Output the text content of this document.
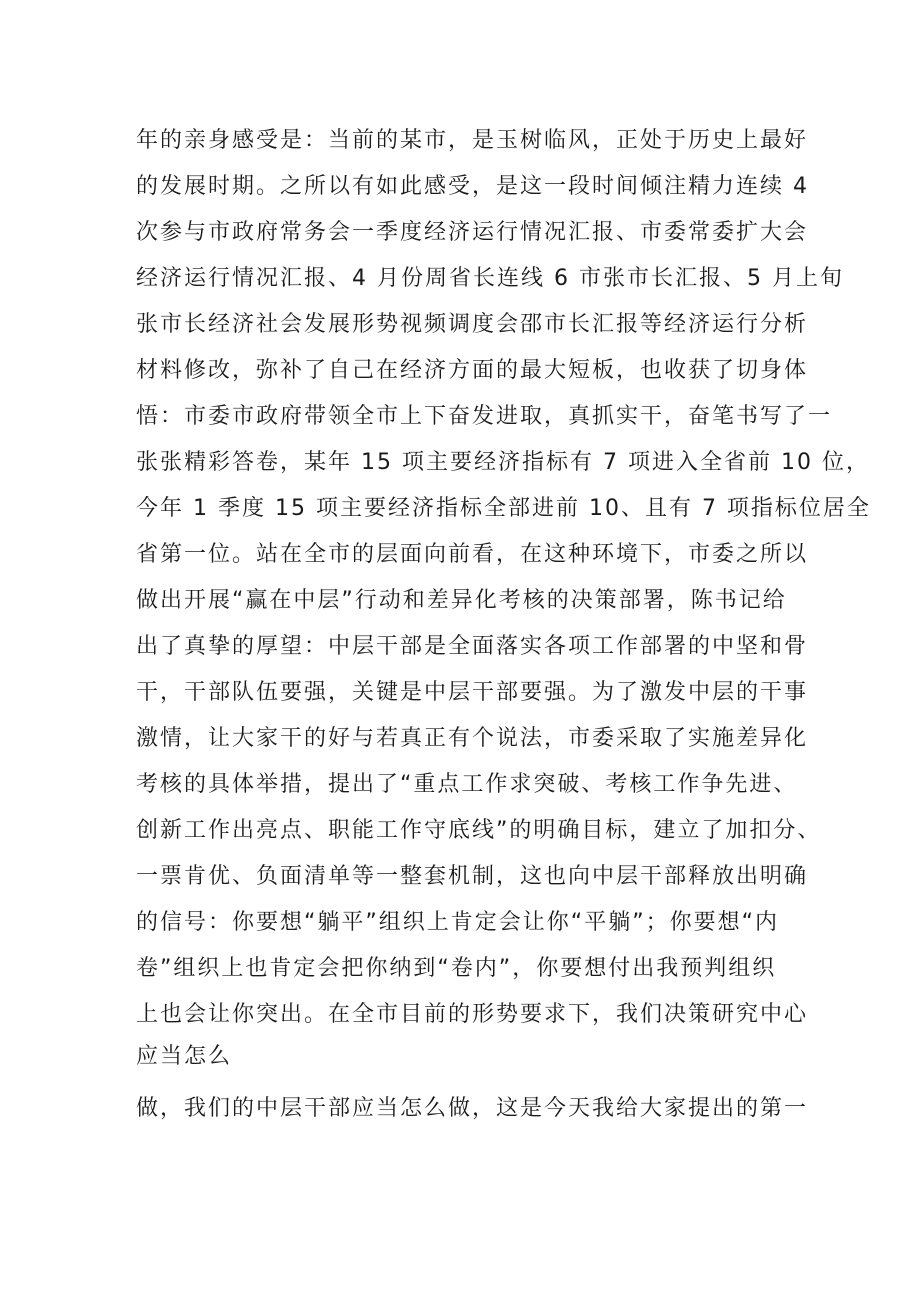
年的亲身感受是：当前的某市，是玉树临风，正处于历史上最好
的发展时期。之所以有如此感受，是这一段时间倾注精力连续 4
次参与市政府常务会一季度经济运行情况汇报、市委常委扩大会
经济运行情况汇报、4 月份周省长连线 6 市张市长汇报、5 月上旬
张市长经济社会发展形势视频调度会邵市长汇报等经济运行分析
材料修改，弥补了自己在经济方面的最大短板，也收获了切身体
悟：市委市政府带领全市上下奋发进取，真抓实干，奋笔书写了一
张张精彩答卷，某年 15 项主要经济指标有 7 项进入全省前 10 位，
今年 1 季度 15 项主要经济指标全部进前 10、且有 7 项指标位居全
省第一位。站在全市的层面向前看，在这种环境下，市委之所以
做出开展“赢在中层”行动和差异化考核的决策部署，陈书记给
出了真挚的厚望：中层干部是全面落实各项工作部署的中坚和骨
干，干部队伍要强，关键是中层干部要强。为了激发中层的干事
激情，让大家干的好与若真正有个说法，市委采取了实施差异化
考核的具体举措，提出了“重点工作求突破、考核工作争先进、
创新工作出亮点、职能工作守底线”的明确目标，建立了加扣分、
一票肯优、负面清单等一整套机制，这也向中层干部释放出明确
的信号：你要想“躺平”组织上肯定会让你“平躺”；你要想“内
卷”组织上也肯定会把你纳到“卷内”，你要想付出我预判组织
上也会让你突出。在全市目前的形势要求下，我们决策研究中心
应当怎么
做，我们的中层干部应当怎么做，这是今天我给大家提出的第一
